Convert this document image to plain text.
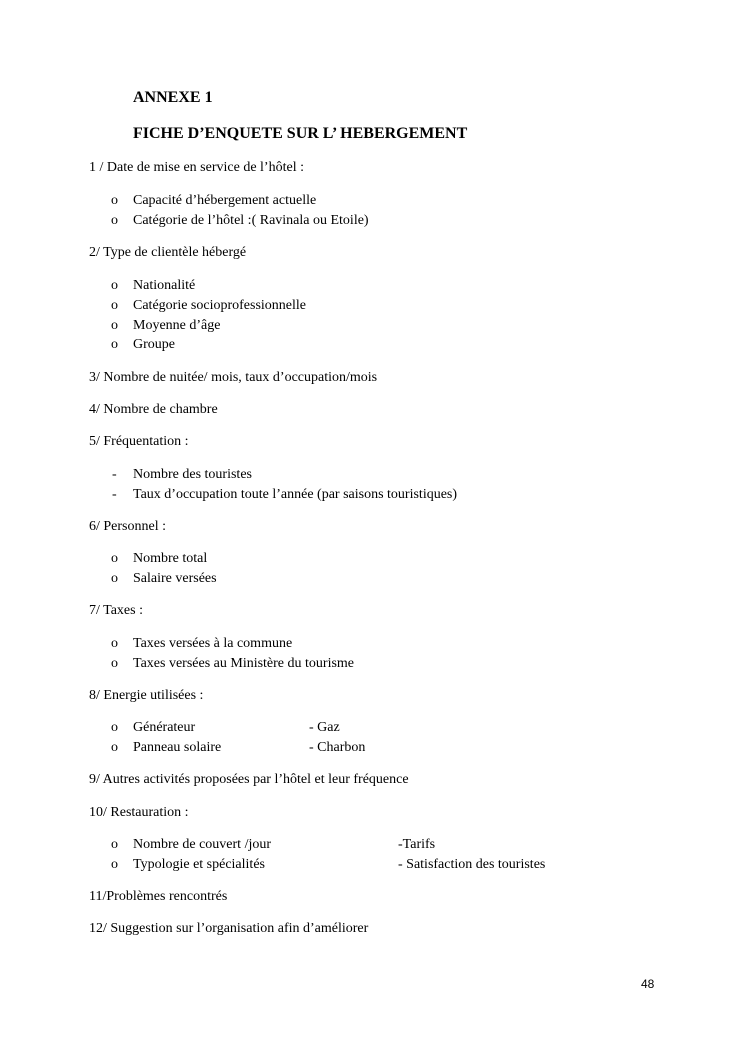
ANNEXE 1
FICHE D’ENQUETE SUR L’ HEBERGEMENT
1 / Date de mise en service de l’hôtel :
o	Capacité d’hébergement actuelle
o	Catégorie de l’hôtel :( Ravinala ou Etoile)
2/ Type de clientèle hébergé
o	Nationalité
o	Catégorie socioprofessionnelle
o	Moyenne d’âge
o	Groupe
3/ Nombre de nuitée/ mois, taux d’occupation/mois
4/ Nombre de chambre
5/ Fréquentation :
-	Nombre des touristes
-	Taux d’occupation toute l’année (par saisons touristiques)
6/ Personnel :
o	Nombre total
o	Salaire versées
7/ Taxes :
o	Taxes versées à la commune
o	Taxes versées au Ministère du tourisme
8/ Energie utilisées :
o	Générateur	- Gaz
o	Panneau solaire	- Charbon
9/ Autres activités proposées par l’hôtel et leur fréquence
10/ Restauration :
o	Nombre de couvert /jour	-Tarifs
o	Typologie et spécialités	- Satisfaction des touristes
11/Problèmes rencontrés
12/ Suggestion sur l’organisation afin d’améliorer
48
